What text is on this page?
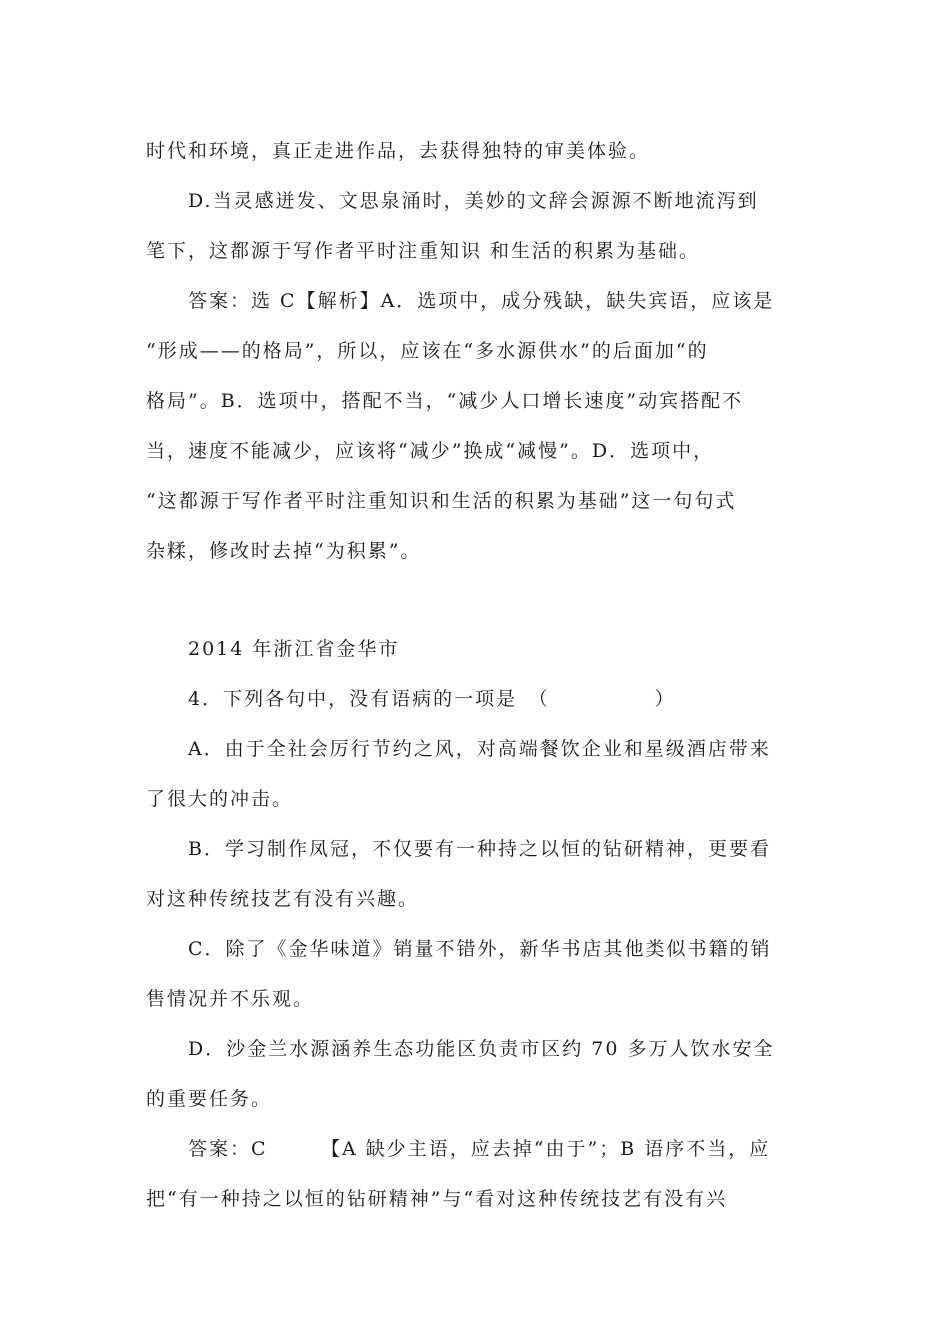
时代和环境，真正走进作品，去获得独特的审美体验。
D.当灵感迸发、文思泉涌时，美妙的文辞会源源不断地流泻到
笔下，这都源于写作者平时注重知识 和生活的积累为基础。
答案：选 C【解析】A．选项中，成分残缺，缺失宾语，应该是
“形成——的格局”，所以，应该在“多水源供水”的后面加“的
格局”。B．选项中，搭配不当，“减少人口增长速度”动宾搭配不
当，速度不能减少，应该将“减少”换成“减慢”。D．选项中，
“这都源于写作者平时注重知识和生活的积累为基础”这一句句式
杂糅，修改时去掉“为积累”。
2014 年浙江省金华市
4．下列各句中，没有语病的一项是　（　　　　　）
A．由于全社会厉行节约之风，对高端餐饮企业和星级酒店带来
了很大的冲击。
B．学习制作凤冠，不仅要有一种持之以恒的钻研精神，更要看
对这种传统技艺有没有兴趣。
C．除了《金华味道》销量不错外，新华书店其他类似书籍的销
售情况并不乐观。
D．沙金兰水源涵养生态功能区负责市区约 70 多万人饮水安全
的重要任务。
答案：C　　　【A 缺少主语，应去掉“由于”；B 语序不当，应
把“有一种持之以恒的钻研精神”与“看对这种传统技艺有没有兴
